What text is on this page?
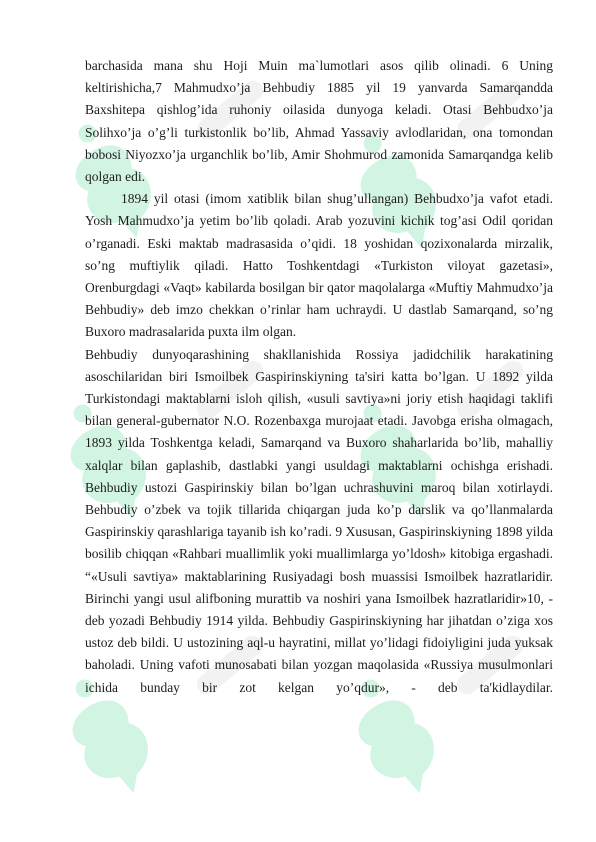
barchasida mana shu Hoji Muin ma`lumotlari asos qilib olinadi. 6 Uning keltirishicha,7 Mahmudxo’ja Behbudiy 1885 yil 19 yanvarda Samarqandda Baxshitepa qishlog’ida ruhoniy oilasida dunyoga keladi. Otasi Behbudxo’ja Solihxo’ja o’g’li turkistonlik bo’lib, Ahmad Yassaviy avlodlaridan, ona tomondan bobosi Niyozxo’ja urganchlik bo’lib, Amir Shohmurod zamonida Samarqandga kelib qolgan edi.

1894 yil otasi (imom xatiblik bilan shug’ullangan) Behbudxo’ja vafot etadi. Yosh Mahmudxo’ja yetim bo’lib qoladi. Arab yozuvini kichik tog’asi Odil qoridan o’rganadi. Eski maktab madrasasida o’qidi. 18 yoshidan qozixonalarda mirzalik, so’ng muftiylik qiladi. Hatto Toshkentdagi «Turkiston viloyat gazetasi», Orenburgdagi «Vaqt» kabilarda bosilgan bir qator maqolalarga «Muftiy Mahmudxo’ja Behbudiy» deb imzo chekkan o’rinlar ham uchraydi. U dastlab Samarqand, so’ng Buxoro madrasalarida puxta ilm olgan.

Behbudiy dunyoqarashining shakllanishida Rossiya jadidchilik harakatining asoschilaridan biri Ismoilbek Gaspirinskiyning ta'siri katta bo’lgan. U 1892 yilda Turkistondagi maktablarni isloh qilish, «usuli savtiya»ni joriy etish haqidagi taklifi bilan general-gubernator N.O. Rozenbaxga murojaat etadi. Javobga erisha olmagach, 1893 yilda Toshkentga keladi, Samarqand va Buxoro shaharlarida bo’lib, mahalliy xalqlar bilan gaplashib, dastlabki yangi usuldagi maktablarni ochishga erishadi. Behbudiy ustozi Gaspirinskiy bilan bo’lgan uchrashuvini maroq bilan xotirlaydi. Behbudiy o’zbek va tojik tillarida chiqargan juda ko’p darslik va qo’llanmalarda Gaspirinskiy qarashlariga tayanib ish ko’radi. 9 Xususan, Gaspirinskiyning 1898 yilda bosilib chiqqan «Rahbari muallimlik yoki muallimlarga yo’ldosh» kitobiga ergashadi. “«Usuli savtiya» maktablarining Rusiyadagi bosh muassisi Ismoilbek hazratlaridir. Birinchi yangi usul alifboning murattib va noshiri yana Ismoilbek hazratlaridir»10, - deb yozadi Behbudiy 1914 yilda. Behbudiy Gaspirinskiyning har jihatdan o’ziga xos ustoz deb bildi. U ustozining aql-u hayratini, millat yo’lidagi fidoiyligini juda yuksak baholadi. Uning vafoti munosabati bilan yozgan maqolasida «Russiya musulmonlari ichida bunday bir zot kelgan yo’qdur», - deb ta'kidlaydilar.
